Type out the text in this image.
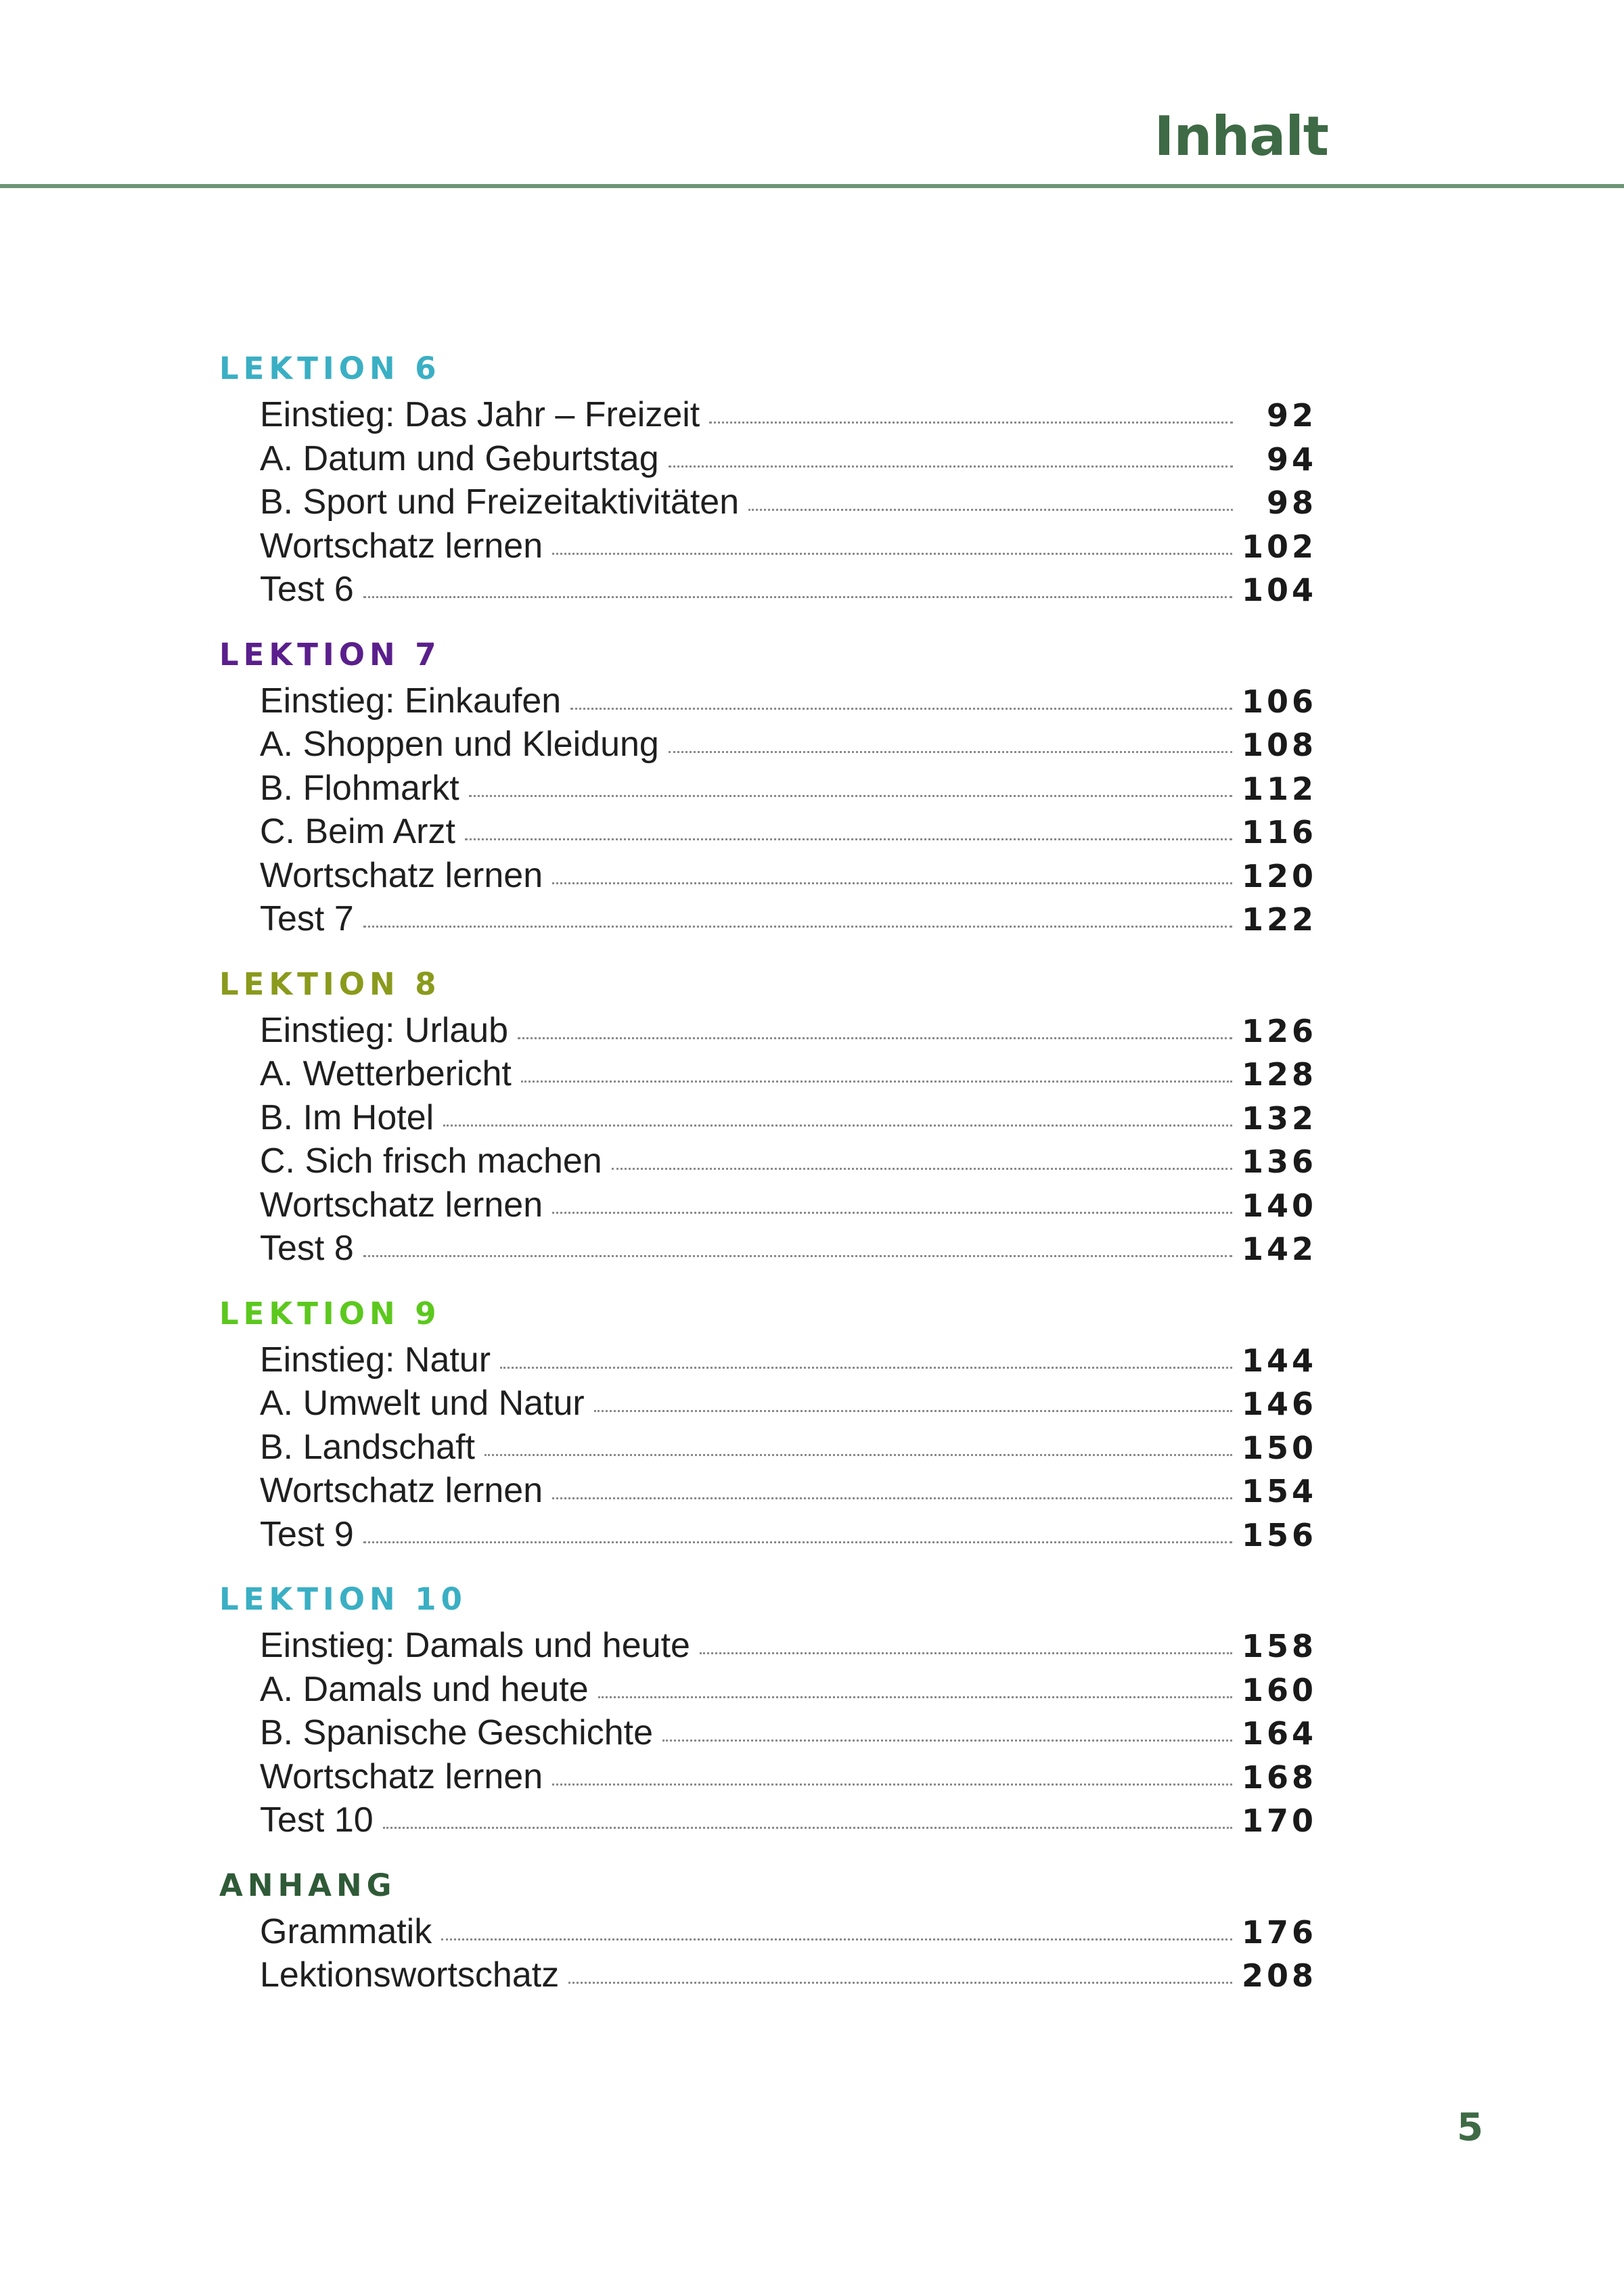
Inhalt
LEKTION 6
Einstieg: Das Jahr – Freizeit	92
A. Datum und Geburtstag	94
B. Sport und Freizeitaktivitäten	98
Wortschatz lernen	102
Test 6	104
LEKTION 7
Einstieg: Einkaufen	106
A. Shoppen und Kleidung	108
B. Flohmarkt	112
C. Beim Arzt	116
Wortschatz lernen	120
Test 7	122
LEKTION 8
Einstieg: Urlaub	126
A. Wetterbericht	128
B. Im Hotel	132
C. Sich frisch machen	136
Wortschatz lernen	140
Test 8	142
LEKTION 9
Einstieg: Natur	144
A. Umwelt und Natur	146
B. Landschaft	150
Wortschatz lernen	154
Test 9	156
LEKTION 10
Einstieg: Damals und heute	158
A. Damals und heute	160
B. Spanische Geschichte	164
Wortschatz lernen	168
Test 10	170
ANHANG
Grammatik	176
Lektionswortschatz	208
5
